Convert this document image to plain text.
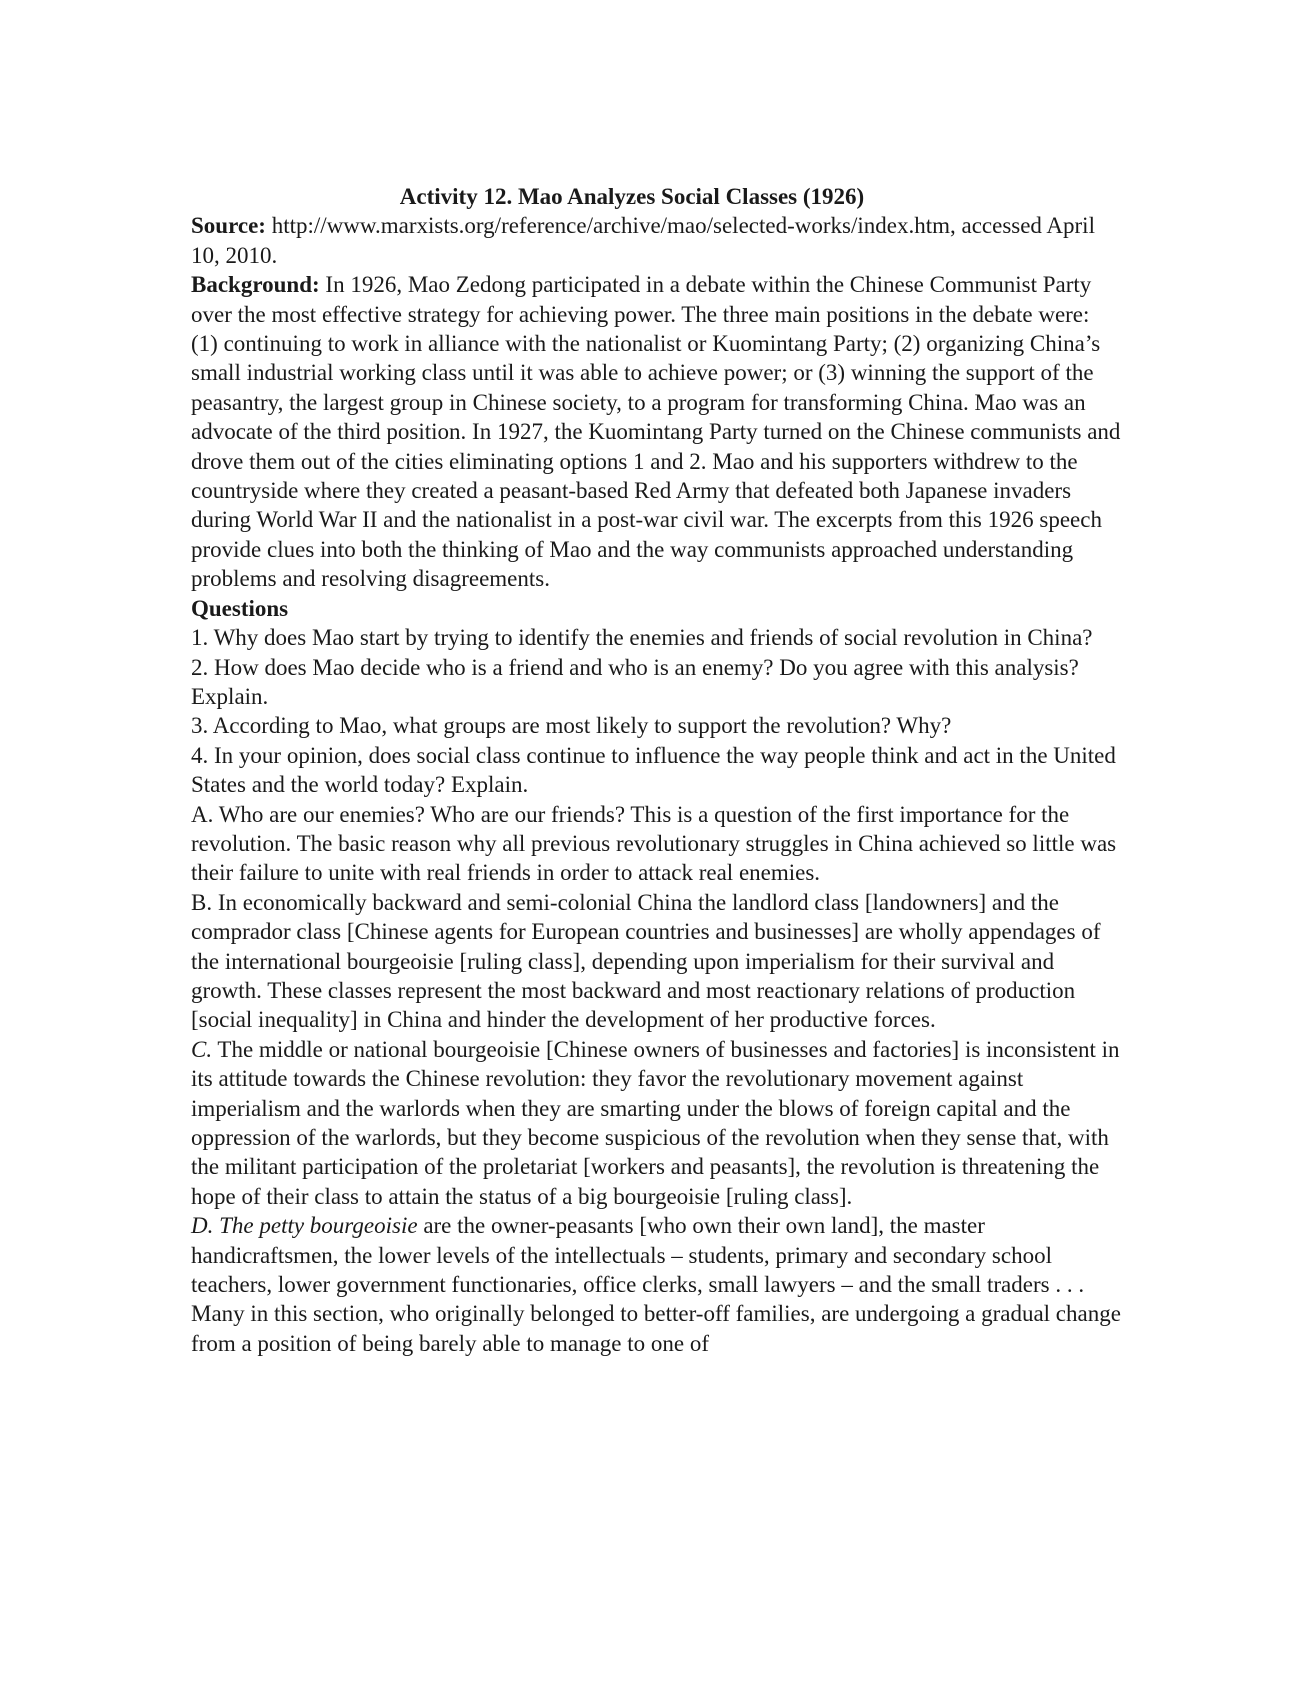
Activity 12. Mao Analyzes Social Classes (1926)

Source: http://www.marxists.org/reference/archive/mao/selected-works/index.htm, accessed April 10, 2010.

Background: In 1926, Mao Zedong participated in a debate within the Chinese Communist Party over the most effective strategy for achieving power. The three main positions in the debate were: (1) continuing to work in alliance with the nationalist or Kuomintang Party; (2) organizing China’s small industrial working class until it was able to achieve power; or (3) winning the support of the peasantry, the largest group in Chinese society, to a program for transforming China. Mao was an advocate of the third position. In 1927, the Kuomintang Party turned on the Chinese communists and drove them out of the cities eliminating options 1 and 2. Mao and his supporters withdrew to the countryside where they created a peasant-based Red Army that defeated both Japanese invaders during World War II and the nationalist in a post-war civil war. The excerpts from this 1926 speech provide clues into both the thinking of Mao and the way communists approached understanding problems and resolving disagreements.

Questions

1. Why does Mao start by trying to identify the enemies and friends of social revolution in China?

2. How does Mao decide who is a friend and who is an enemy? Do you agree with this analysis? Explain.

3. According to Mao, what groups are most likely to support the revolution? Why?

4. In your opinion, does social class continue to influence the way people think and act in the United States and the world today? Explain.

A. Who are our enemies? Who are our friends? This is a question of the first importance for the revolution. The basic reason why all previous revolutionary struggles in China achieved so little was their failure to unite with real friends in order to attack real enemies.

B. In economically backward and semi-colonial China the landlord class [landowners] and the comprador class [Chinese agents for European countries and businesses] are wholly appendages of the international bourgeoisie [ruling class], depending upon imperialism for their survival and growth. These classes represent the most backward and most reactionary relations of production [social inequality] in China and hinder the development of her productive forces.

C. The middle or national bourgeoisie [Chinese owners of businesses and factories] is inconsistent in its attitude towards the Chinese revolution: they favor the revolutionary movement against imperialism and the warlords when they are smarting under the blows of foreign capital and the oppression of the warlords, but they become suspicious of the revolution when they sense that, with the militant participation of the proletariat [workers and peasants], the revolution is threatening the hope of their class to attain the status of a big bourgeoisie [ruling class].

D. The petty bourgeoisie are the owner-peasants [who own their own land], the master handicraftsmen, the lower levels of the intellectuals – students, primary and secondary school teachers, lower government functionaries, office clerks, small lawyers – and the small traders . . . Many in this section, who originally belonged to better-off families, are undergoing a gradual change from a position of being barely able to manage to one of
